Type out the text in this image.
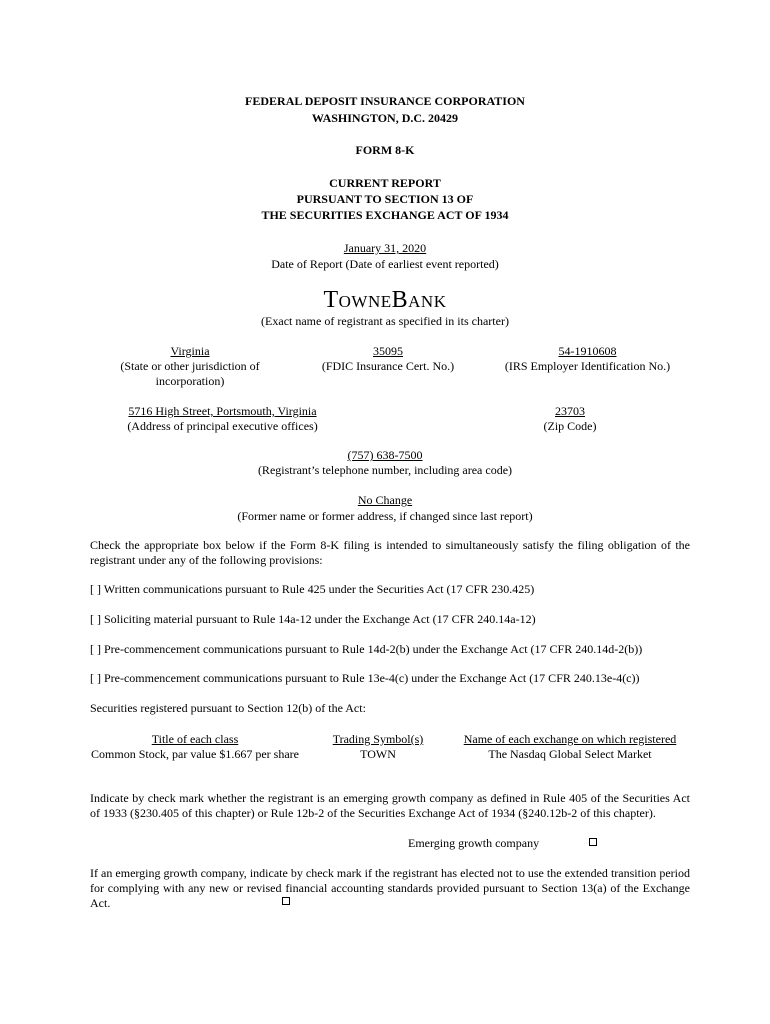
FEDERAL DEPOSIT INSURANCE CORPORATION
WASHINGTON, D.C. 20429
FORM 8-K
CURRENT REPORT
PURSUANT TO SECTION 13 OF
THE SECURITIES EXCHANGE ACT OF 1934
January 31, 2020
Date of Report (Date of earliest event reported)
TOWNEBANK
(Exact name of registrant as specified in its charter)
Virginia
(State or other jurisdiction of
incorporation)
35095
(FDIC Insurance Cert. No.)
54-1910608
(IRS Employer Identification No.)
5716 High Street, Portsmouth, Virginia
(Address of principal executive offices)
23703
(Zip Code)
(757) 638-7500
(Registrant’s telephone number, including area code)
No Change
(Former name or former address, if changed since last report)
Check the appropriate box below if the Form 8-K filing is intended to simultaneously satisfy the filing obligation of the registrant under any of the following provisions:
[ ] Written communications pursuant to Rule 425 under the Securities Act (17 CFR 230.425)
[ ] Soliciting material pursuant to Rule 14a-12 under the Exchange Act (17 CFR 240.14a-12)
[ ] Pre-commencement communications pursuant to Rule 14d-2(b) under the Exchange Act (17 CFR 240.14d-2(b))
[ ] Pre-commencement communications pursuant to Rule 13e-4(c) under the Exchange Act (17 CFR 240.13e-4(c))
Securities registered pursuant to Section 12(b) of the Act:
Title of each class
Common Stock, par value $1.667 per share
Trading Symbol(s)
TOWN
Name of each exchange on which registered
The Nasdaq Global Select Market
Indicate by check mark whether the registrant is an emerging growth company as defined in Rule 405 of the Securities Act of 1933 (§230.405 of this chapter) or Rule 12b-2 of the Securities Exchange Act of 1934 (§240.12b-2 of this chapter).
Emerging growth company
If an emerging growth company, indicate by check mark if the registrant has elected not to use the extended transition period for complying with any new or revised financial accounting standards provided pursuant to Section 13(a) of the Exchange Act.
